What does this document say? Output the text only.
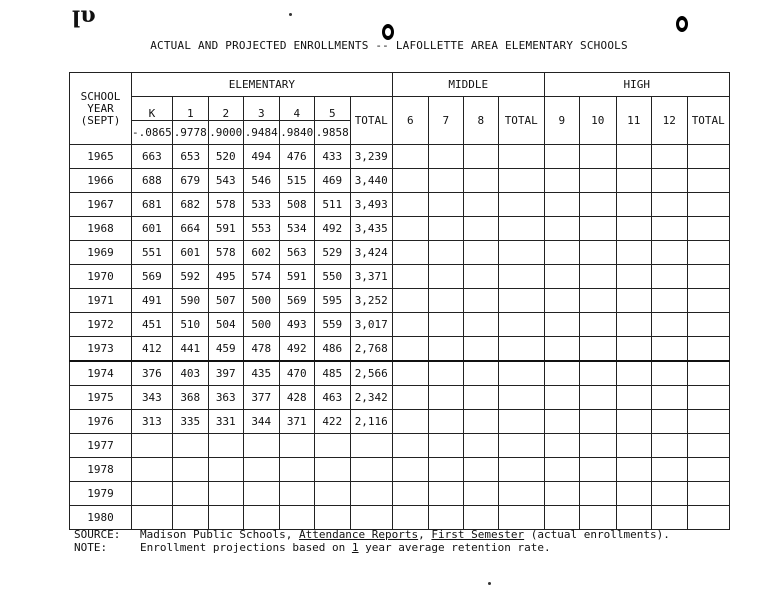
ꞁυ
ACTUAL AND PROJECTED ENROLLMENTS -- LAFOLLETTE AREA ELEMENTARY SCHOOLS
SCHOOL
YEAR
(SEPT)	ELEMENTARY							MIDDLE				HIGH				
	K	1	2	3	4	5	TOTAL	6	7	8	TOTAL	9	10	11	12	TOTAL
	-.0865	.9778	.9000	.9484	.9840	.9858										
1965	663	653	520	494	476	433	3,239									
1966	688	679	543	546	515	469	3,440									
1967	681	682	578	533	508	511	3,493									
1968	601	664	591	553	534	492	3,435									
1969	551	601	578	602	563	529	3,424									
1970	569	592	495	574	591	550	3,371									
1971	491	590	507	500	569	595	3,252									
1972	451	510	504	500	493	559	3,017									
1973	412	441	459	478	492	486	2,768									
1974	376	403	397	435	470	485	2,566									
1975	343	368	363	377	428	463	2,342									
1976	313	335	331	344	371	422	2,116									
1977																
1978																
1979																
1980																
SOURCE: Madison Public Schools, Attendance Reports, First Semester (actual enrollments).
NOTE:	Enrollment projections based on 1 year average retention rate.
